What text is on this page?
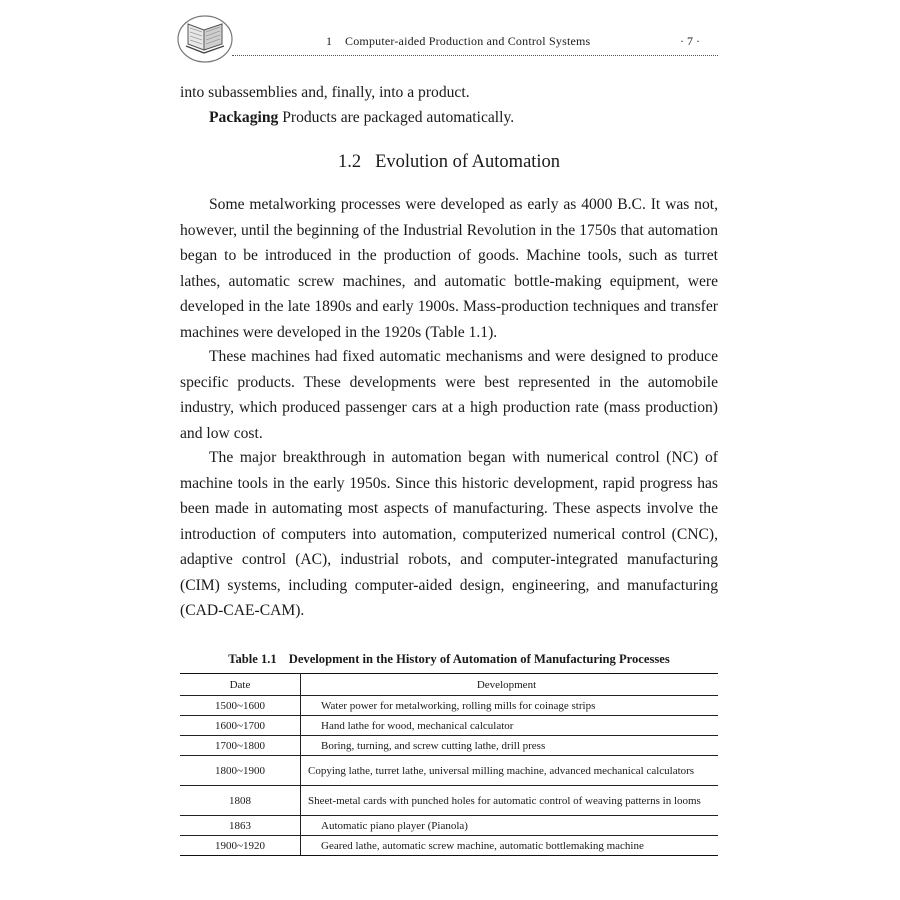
1    Computer-aided Production and Control Systems	· 7 ·
into subassemblies and, finally, into a product.
Packaging Products are packaged automatically.
1.2 Evolution of Automation
Some metalworking processes were developed as early as 4000 B.C. It was not, however, until the beginning of the Industrial Revolution in the 1750s that automation began to be introduced in the production of goods. Machine tools, such as turret lathes, automatic screw machines, and automatic bottle-making equipment, were developed in the late 1890s and early 1900s. Mass-production techniques and transfer machines were developed in the 1920s (Table 1.1).
These machines had fixed automatic mechanisms and were designed to produce specific products. These developments were best represented in the automobile industry, which produced passenger cars at a high production rate (mass production) and low cost.
The major breakthrough in automation began with numerical control (NC) of machine tools in the early 1950s. Since this historic development, rapid progress has been made in automating most aspects of manufacturing. These aspects involve the introduction of computers into automation, computerized numerical control (CNC), adaptive control (AC), industrial robots, and computer-integrated manufacturing (CIM) systems, including computer-aided design, engineering, and manufacturing (CAD-CAE-CAM).
Table 1.1 Development in the History of Automation of Manufacturing Processes
Date	Development
1500~1600	Water power for metalworking, rolling mills for coinage strips
1600~1700	Hand lathe for wood, mechanical calculator
1700~1800	Boring, turning, and screw cutting lathe, drill press
1800~1900	Copying lathe, turret lathe, universal milling machine, advanced mechanical calculators
1808	Sheet-metal cards with punched holes for automatic control of weaving patterns in looms
1863	Automatic piano player (Pianola)
1900~1920	Geared lathe, automatic screw machine, automatic bottlemaking machine
